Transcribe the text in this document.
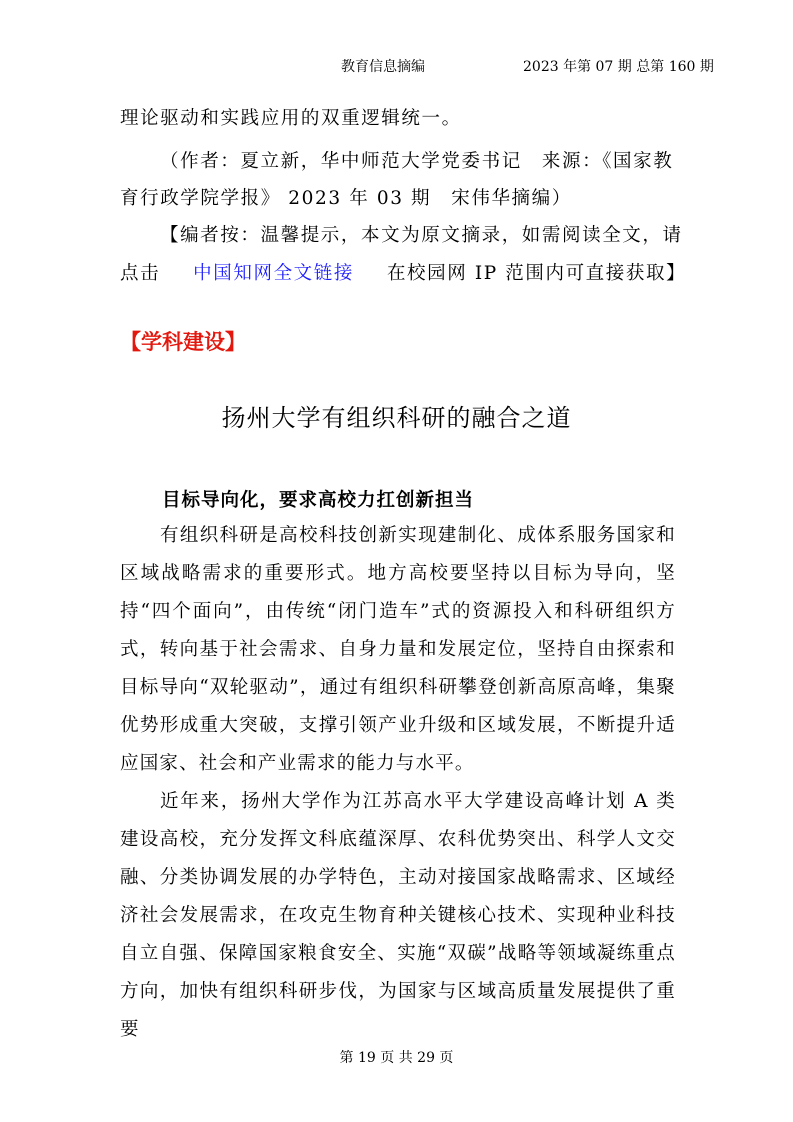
教育信息摘编	2023 年第 07 期 总第 160 期
理论驱动和实践应用的双重逻辑统一。
（作者：夏立新，华中师范大学党委书记　来源：《国家教
育行政学院学报》 2023 年 03 期　宋伟华摘编）
【编者按：温馨提示，本文为原文摘录，如需阅读全文，请
点击 中国知网全文链接 在校园网 IP 范围内可直接获取】
【学科建设】
扬州大学有组织科研的融合之道
目标导向化，要求高校力扛创新担当
有组织科研是高校科技创新实现建制化、成体系服务国家和区域战略需求的重要形式。地方高校要坚持以目标为导向，坚持“四个面向”，由传统“闭门造车”式的资源投入和科研组织方式，转向基于社会需求、自身力量和发展定位，坚持自由探索和目标导向“双轮驱动”，通过有组织科研攀登创新高原高峰，集聚优势形成重大突破，支撑引领产业升级和区域发展，不断提升适应国家、社会和产业需求的能力与水平。
近年来，扬州大学作为江苏高水平大学建设高峰计划 A 类建设高校，充分发挥文科底蕴深厚、农科优势突出、科学人文交融、分类协调发展的办学特色，主动对接国家战略需求、区域经济社会发展需求，在攻克生物育种关键核心技术、实现种业科技自立自强、保障国家粮食安全、实施“双碳”战略等领域凝练重点方向，加快有组织科研步伐，为国家与区域高质量发展提供了重要
第 19 页 共 29 页
